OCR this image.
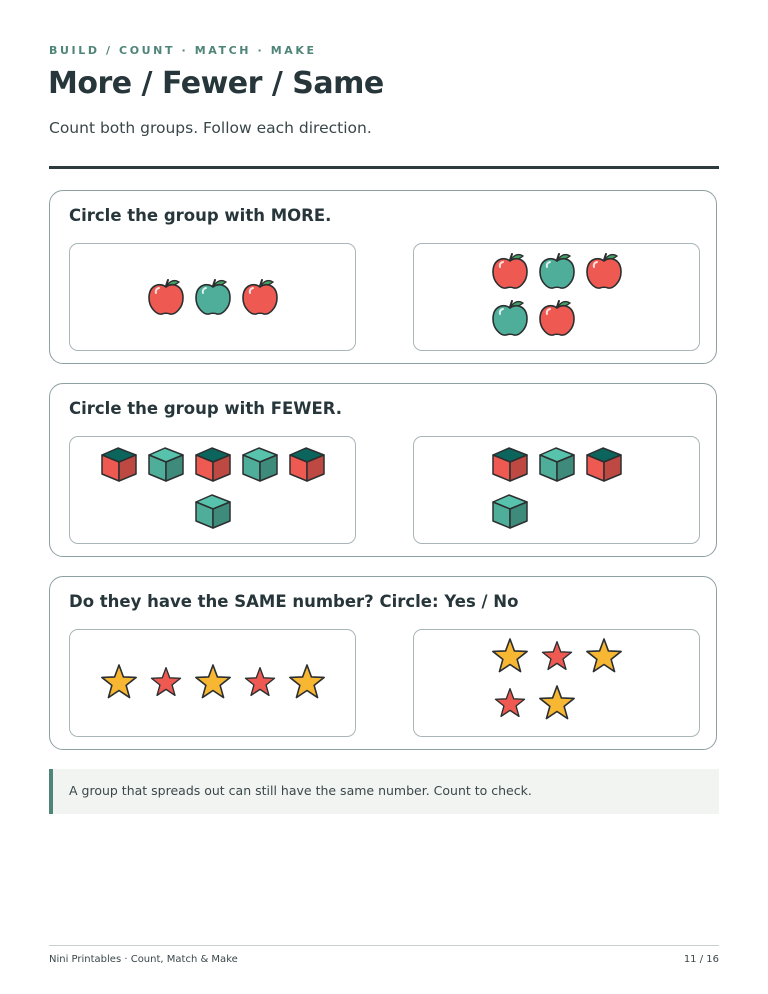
BUILD / COUNT · MATCH · MAKE
More / Fewer / Same

Count both groups. Follow each direction.

Circle the group with MORE.

Circle the group with FEWER.

Do they have the SAME number? Circle: Yes / No

A group that spreads out can still have the same number. Count to check.
Nini Printables · Count, Match & Make	11 / 16
